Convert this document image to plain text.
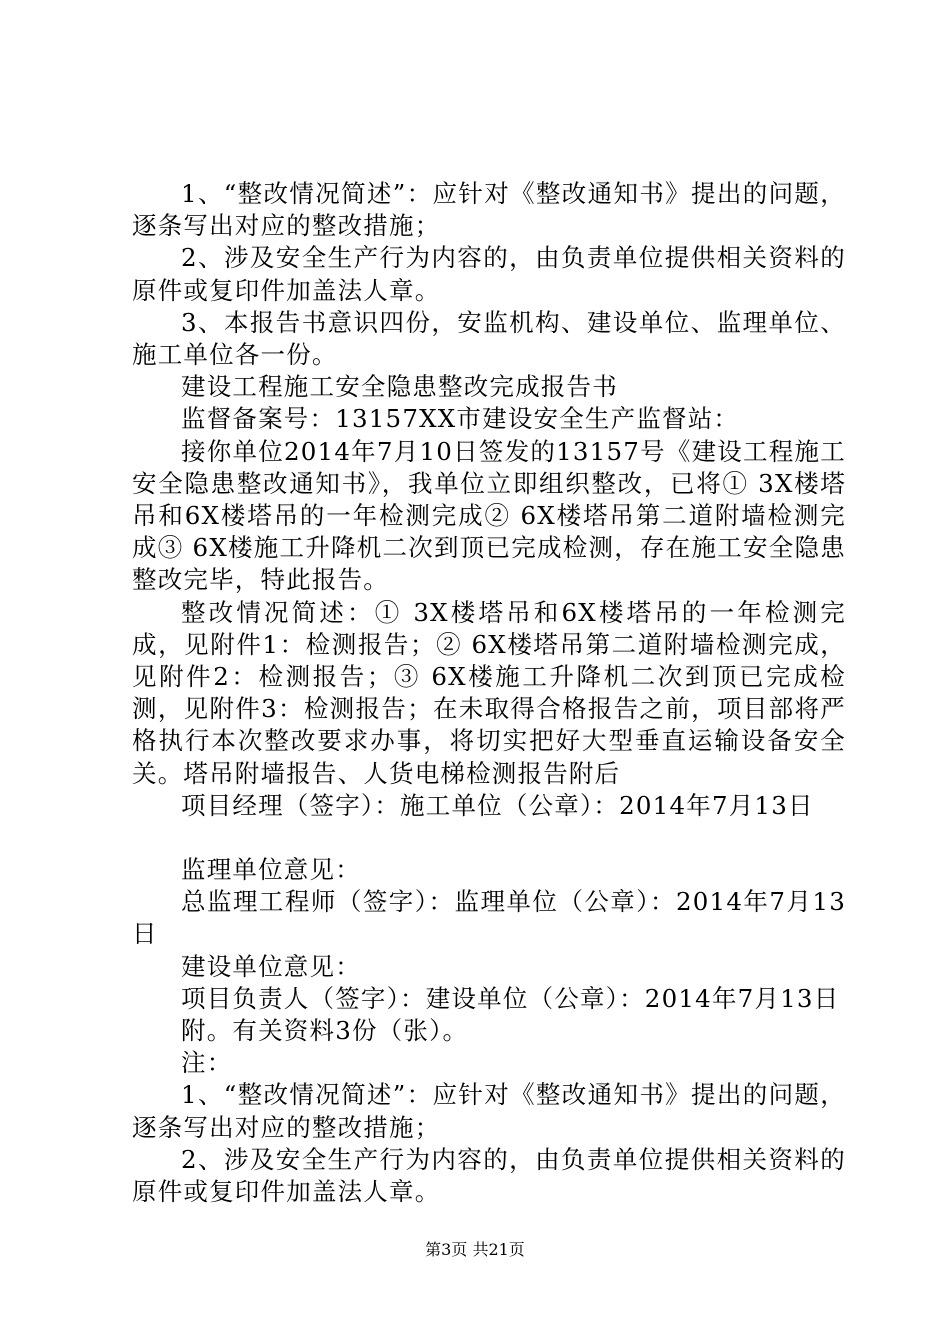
1、“整改情况简述”：应针对《整改通知书》提出的问题，逐条写出对应的整改措施；

2、涉及安全生产行为内容的，由负责单位提供相关资料的原件或复印件加盖法人章。

3、本报告书意识四份，安监机构、建设单位、监理单位、施工单位各一份。

建设工程施工安全隐患整改完成报告书

监督备案号：13157XX市建设安全生产监督站：

接你单位2014年7月10日签发的13157号《建设工程施工安全隐患整改通知书》，我单位立即组织整改，已将① 3X楼塔吊和6X楼塔吊的一年检测完成② 6X楼塔吊第二道附墙检测完成③ 6X楼施工升降机二次到顶已完成检测，存在施工安全隐患整改完毕，特此报告。

整改情况简述：① 3X楼塔吊和6X楼塔吊的一年检测完成，见附件1：检测报告；② 6X楼塔吊第二道附墙检测完成，见附件2：检测报告；③ 6X楼施工升降机二次到顶已完成检测，见附件3：检测报告；在未取得合格报告之前，项目部将严格执行本次整改要求办事，将切实把好大型垂直运输设备安全关。塔吊附墙报告、人货电梯检测报告附后

项目经理（签字）：施工单位（公章）：2014年7月13日

监理单位意见：

总监理工程师（签字）：监理单位（公章）：2014年7月13日

建设单位意见：

项目负责人（签字）：建设单位（公章）：2014年7月13日

附。有关资料3份（张）。

注：

1、“整改情况简述”：应针对《整改通知书》提出的问题，逐条写出对应的整改措施；

2、涉及安全生产行为内容的，由负责单位提供相关资料的原件或复印件加盖法人章。

第3页 共21页
